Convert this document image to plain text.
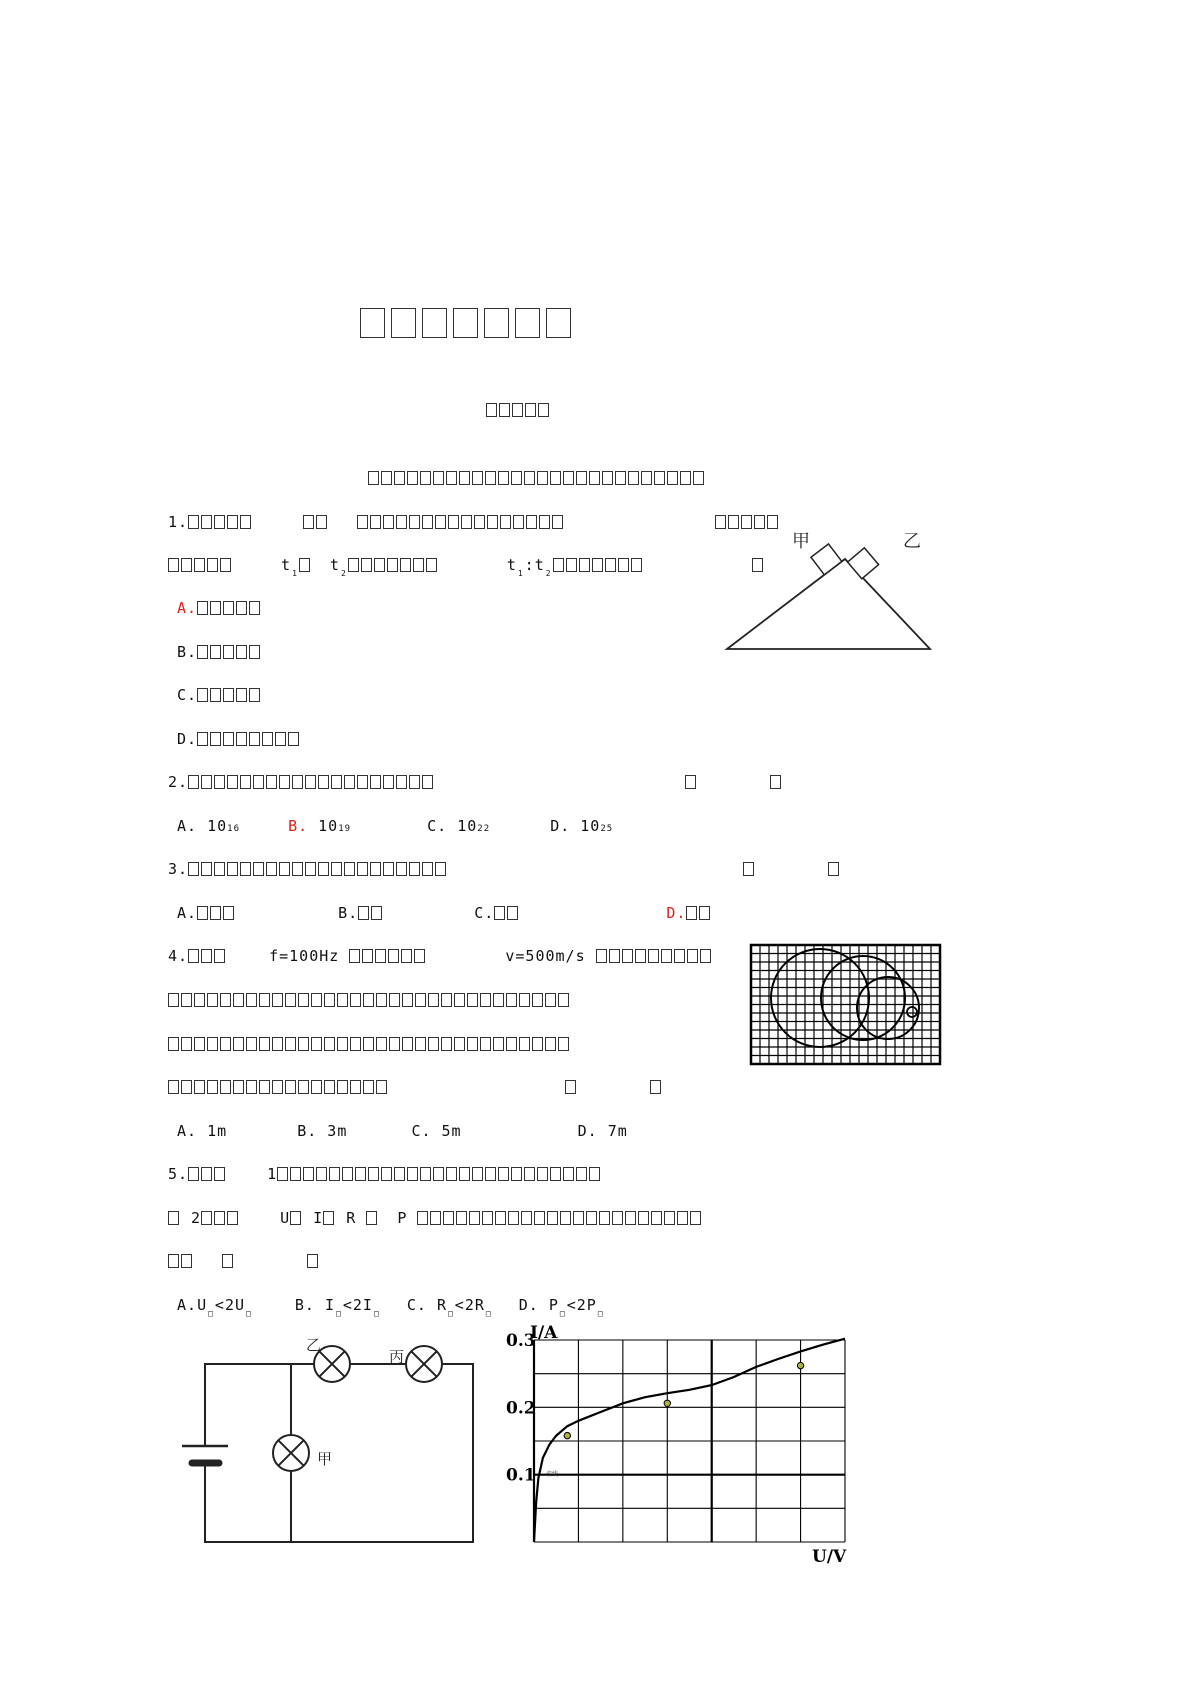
1.
$t_1$ $t_2$	$t_1:t_2$
A.
B.
C.
D.
甲	乙
2.
A. 1016	B. 1019	C. 1022	D. 1025
3.
A.	B.	C.	D.
4.	f=100Hz	v=500m/s

A. 1m	B. 3m	C. 5m	D. 7m
5.	1
2	U I R	P
$A.U_□<2U_□$	B. $I_□<2I_□$ C. $R_□<2R_□$ D. $P_□<2P_□$
乙
丙
甲
0.1
0.2
0.3
I/A
U/V
虚线
